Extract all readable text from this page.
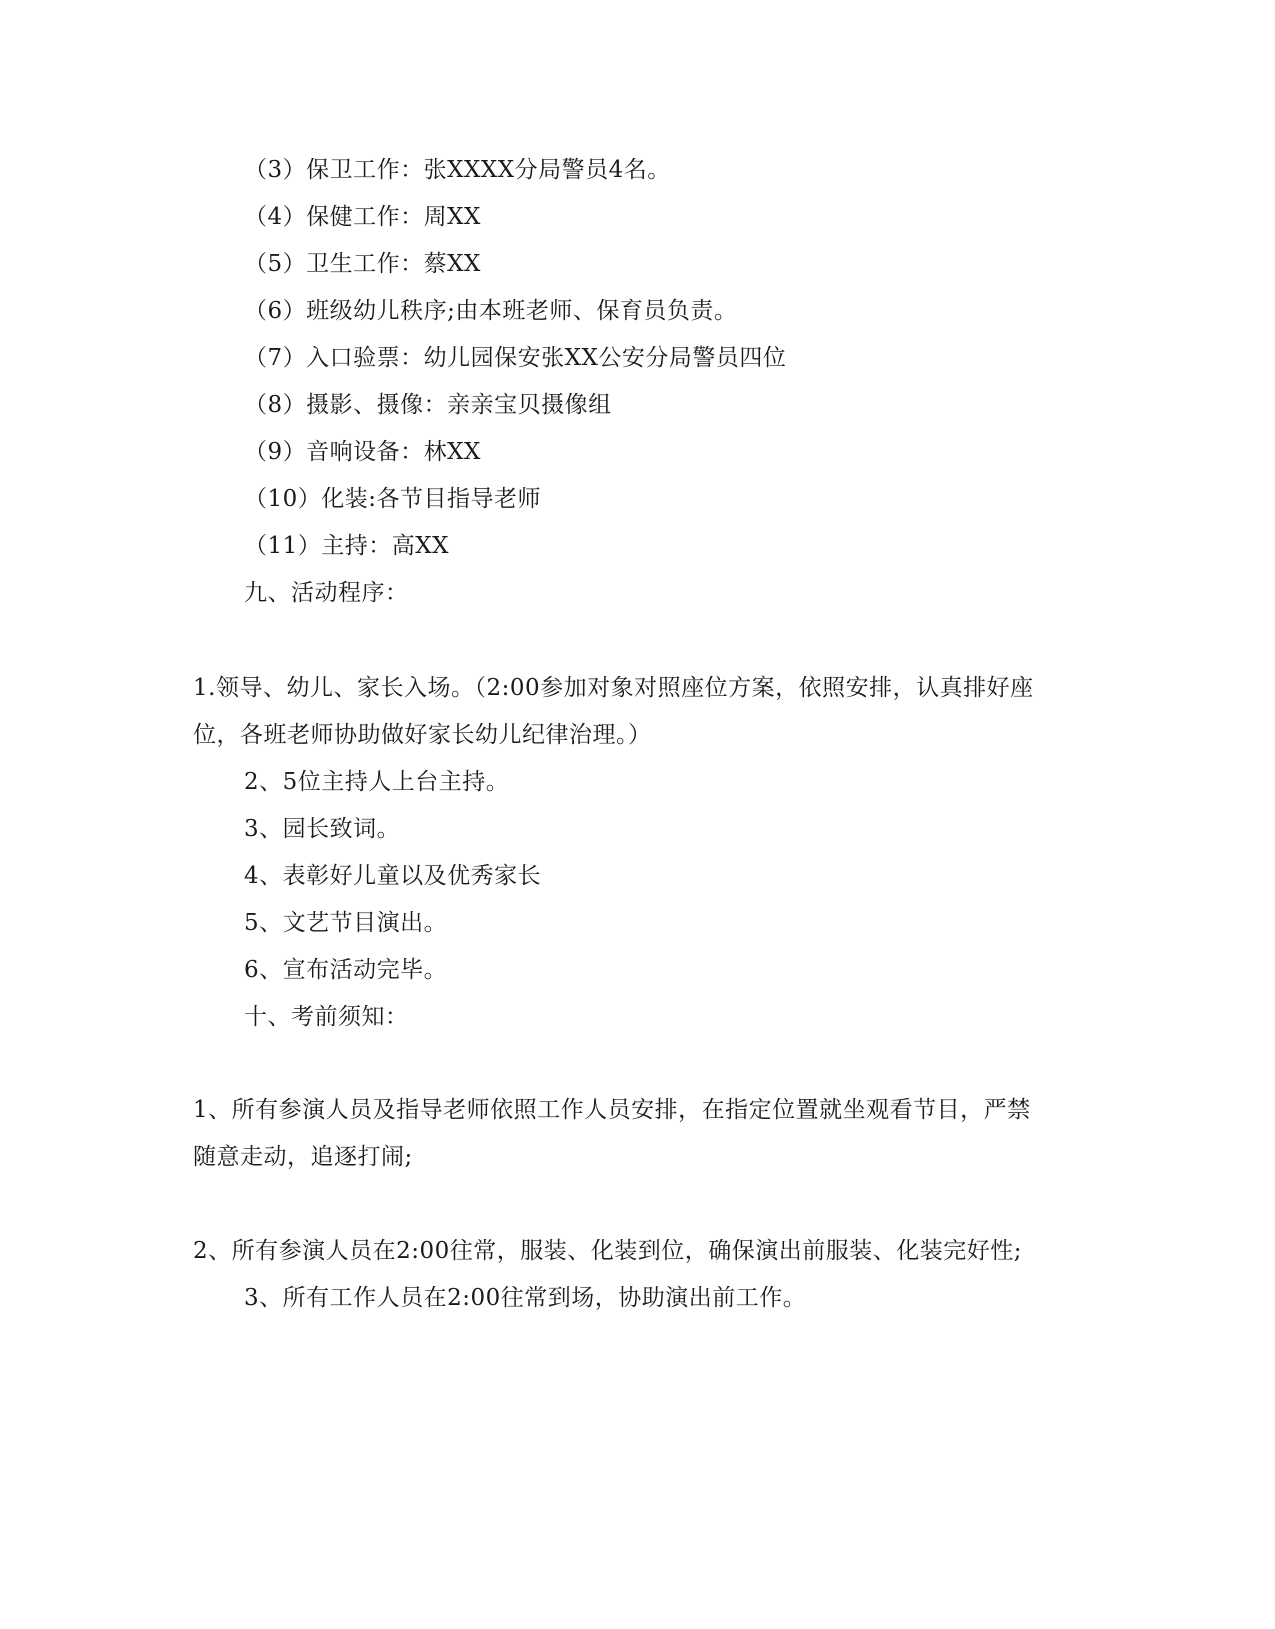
（3）保卫工作：张XXXX分局警员4名。
（4）保健工作：周XX
（5）卫生工作：蔡XX
（6）班级幼儿秩序;由本班老师、保育员负责。
（7）入口验票：幼儿园保安张XX公安分局警员四位
（8）摄影、摄像：亲亲宝贝摄像组
（9）音响设备：林XX
（10）化装:各节目指导老师
（11）主持：高XX
九、活动程序：
1.领导、幼儿、家长入场。（2:00参加对象对照座位方案，依照安排，认真排好座
位，各班老师协助做好家长幼儿纪律治理。）
2、5位主持人上台主持。
3、园长致词。
4、表彰好儿童以及优秀家长
5、文艺节目演出。
6、宣布活动完毕。
十、考前须知：
1、所有参演人员及指导老师依照工作人员安排，在指定位置就坐观看节目，严禁
随意走动，追逐打闹;
2、所有参演人员在2:00往常，服装、化装到位，确保演出前服装、化装完好性;
3、所有工作人员在2:00往常到场，协助演出前工作。
